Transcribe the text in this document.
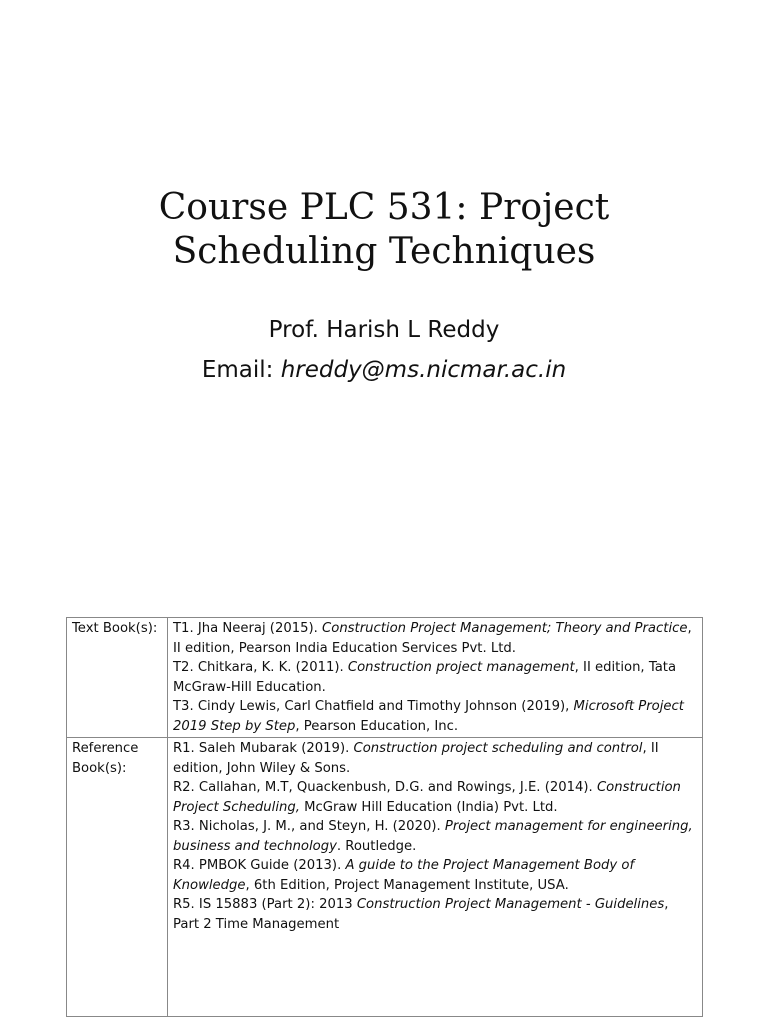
Course PLC 531: Project
Scheduling Techniques
Prof. Harish L Reddy
Email: hreddy@ms.nicmar.ac.in
Text Book(s):	T1. Jha Neeraj (2015). Construction Project Management; Theory and Practice, II edition, Pearson India Education Services Pvt. Ltd.
T2. Chitkara, K. K. (2011). Construction project management, II edition, Tata McGraw-Hill Education.
T3. Cindy Lewis, Carl Chatfield and Timothy Johnson (2019), Microsoft Project 2019 Step by Step, Pearson Education, Inc.

Reference Book(s):	R1. Saleh Mubarak (2019). Construction project scheduling and control, II edition, John Wiley & Sons.
R2. Callahan, M.T, Quackenbush, D.G. and Rowings, J.E. (2014). Construction Project Scheduling, McGraw Hill Education (India) Pvt. Ltd.
R3. Nicholas, J. M., and Steyn, H. (2020). Project management for engineering, business and technology. Routledge.
R4. PMBOK Guide (2013). A guide to the Project Management Body of Knowledge, 6th Edition, Project Management Institute, USA.
R5. IS 15883 (Part 2): 2013 Construction Project Management - Guidelines, Part 2 Time Management
